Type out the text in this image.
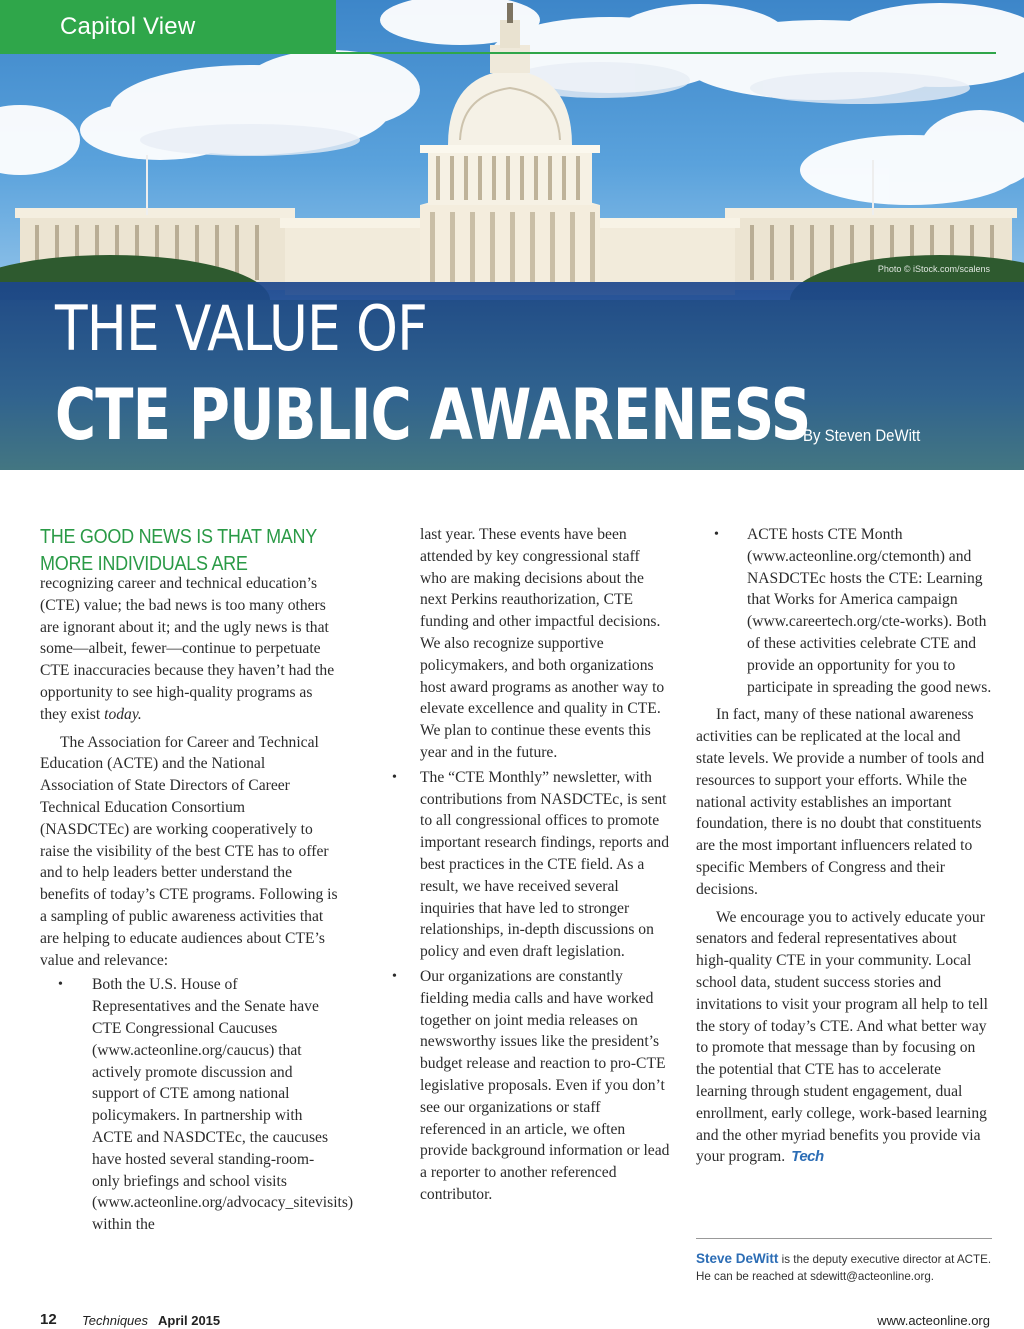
Capitol View
Photo © iStock.com/scalens
THE VALUE OF
CTE PUBLIC AWARENESS
By Steven DeWitt
THE GOOD NEWS IS THAT MANY MORE INDIVIDUALS ARE

recognizing career and technical education’s (CTE) value; the bad news is too many others are ignorant about it; and the ugly news is that some—albeit, fewer—continue to perpetuate CTE inaccuracies because they haven’t had the opportunity to see high-quality programs as they exist today.

The Association for Career and Technical Education (ACTE) and the National Association of State Directors of Career Technical Education Consortium (NASDCTEc) are working cooperatively to raise the visibility of the best CTE has to offer and to help leaders better understand the benefits of today’s CTE programs. Following is a sampling of public awareness activities that are helping to educate audiences about CTE’s value and relevance:

• Both the U.S. House of Representatives and the Senate have CTE Congressional Caucuses (www.acteonline.org/caucus) that actively promote discussion and support of CTE among national policymakers. In partnership with ACTE and NASDCTEc, the caucuses have hosted several standing-room-only briefings and school visits (www.acteonline.org/advocacy_sitevisits) within the

last year. These events have been attended by key congressional staff who are making decisions about the next Perkins reauthorization, CTE funding and other impactful decisions. We also recognize supportive policymakers, and both organizations host award programs as another way to elevate excellence and quality in CTE. We plan to continue these events this year and in the future.

• The “CTE Monthly” newsletter, with contributions from NASDCTEc, is sent to all congressional offices to promote important research findings, reports and best practices in the CTE field. As a result, we have received several inquiries that have led to stronger relationships, in-depth discussions on policy and even draft legislation.
• Our organizations are constantly fielding media calls and have worked together on joint media releases on newsworthy issues like the president’s budget release and reaction to pro-CTE legislative proposals. Even if you don’t see our organizations or staff referenced in an article, we often provide background information or lead a reporter to another referenced contributor.
• ACTE hosts CTE Month (www.acteonline.org/ctemonth) and NASDCTEc hosts the CTE: Learning that Works for America campaign (www.careertech.org/cte-works). Both of these activities celebrate CTE and provide an opportunity for you to participate in spreading the good news.

In fact, many of these national awareness activities can be replicated at the local and state levels. We provide a number of tools and resources to support your efforts. While the national activity establishes an important foundation, there is no doubt that constituents are the most important influencers related to specific Members of Congress and their decisions.

We encourage you to actively educate your senators and federal representatives about high-quality CTE in your community. Local school data, student success stories and invitations to visit your program all help to tell the story of today’s CTE. And what better way to promote that message than by focusing on the potential that CTE has to accelerate learning through student engagement, dual enrollment, early college, work-based learning and the other myriad benefits you provide via your program. Tech

Steve DeWitt is the deputy executive director at ACTE. He can be reached at sdewitt@acteonline.org.
12 Techniques April 2015	www.acteonline.org
